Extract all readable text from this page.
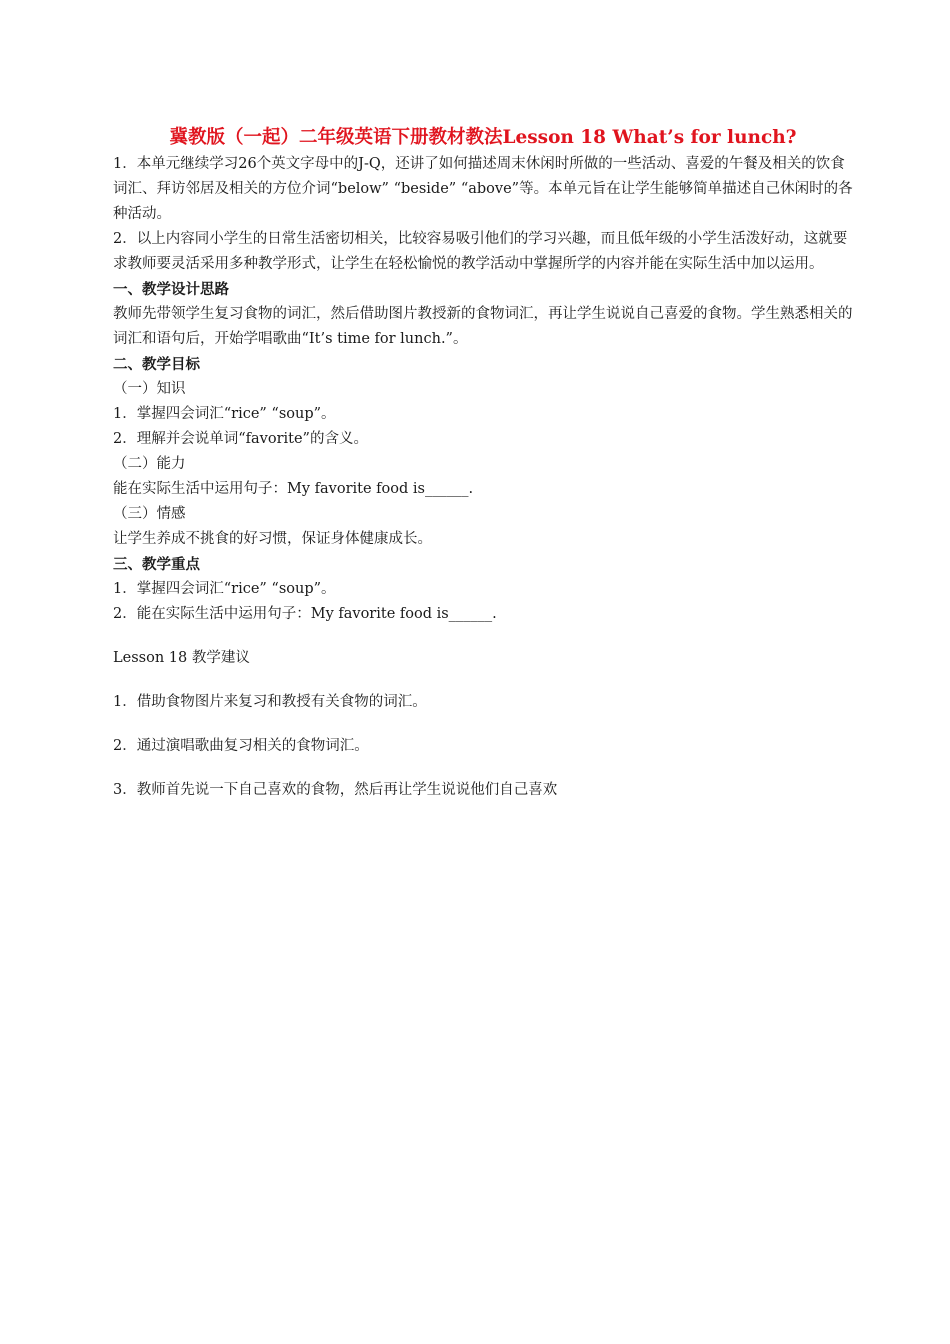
冀教版（一起）二年级英语下册教材教法Lesson 18 What’s for lunch?

1．本单元继续学习26个英文字母中的J-Q，还讲了如何描述周末休闲时所做的一些活动、喜爱的午餐及相关的饮食词汇、拜访邻居及相关的方位介词“below” “beside” “above”等。本单元旨在让学生能够简单描述自己休闲时的各种活动。

2．以上内容同小学生的日常生活密切相关，比较容易吸引他们的学习兴趣，而且低年级的小学生活泼好动，这就要求教师要灵活采用多种教学形式，让学生在轻松愉悦的教学活动中掌握所学的内容并能在实际生活中加以运用。

一、教学设计思路

教师先带领学生复习食物的词汇，然后借助图片教授新的食物词汇，再让学生说说自己喜爱的食物。学生熟悉相关的词汇和语句后，开始学唱歌曲“It’s time for lunch.”。

二、教学目标

（一）知识

1．掌握四会词汇“rice” “soup”。

2．理解并会说单词“favorite”的含义。

（二）能力

能在实际生活中运用句子：My favorite food is______.

（三）情感

让学生养成不挑食的好习惯，保证身体健康成长。

三、教学重点

1．掌握四会词汇“rice” “soup”。

2．能在实际生活中运用句子：My favorite food is______.

Lesson 18 教学建议

1．借助食物图片来复习和教授有关食物的词汇。

2．通过演唱歌曲复习相关的食物词汇。

3．教师首先说一下自己喜欢的食物，然后再让学生说说他们自己喜欢
